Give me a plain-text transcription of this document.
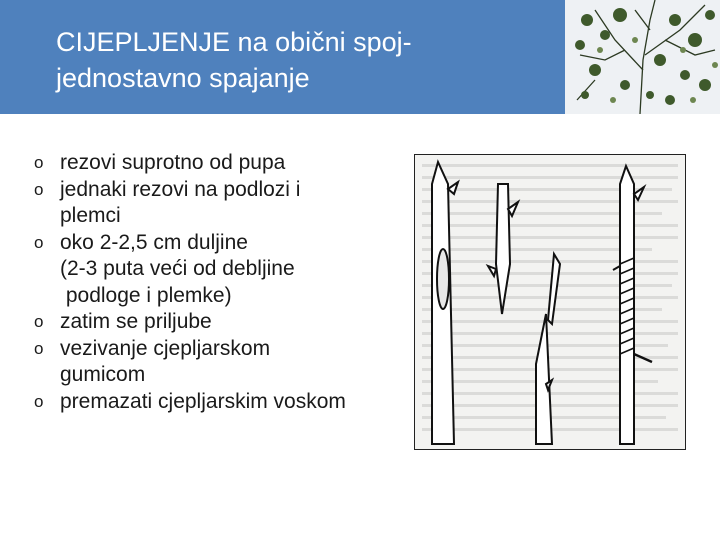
CIJEPLJENJE na obični spoj-
jednostavno spajanje
o rezovi suprotno od pupa
o jednaki rezovi na podlozi i
plemci
o oko 2-2,5 cm duljine
(2-3 puta veći od debljine
podloge i plemke)
o zatim se priljube
o vezivanje cjepljarskom
gumicom
o premazati cjepljarskim voskom
